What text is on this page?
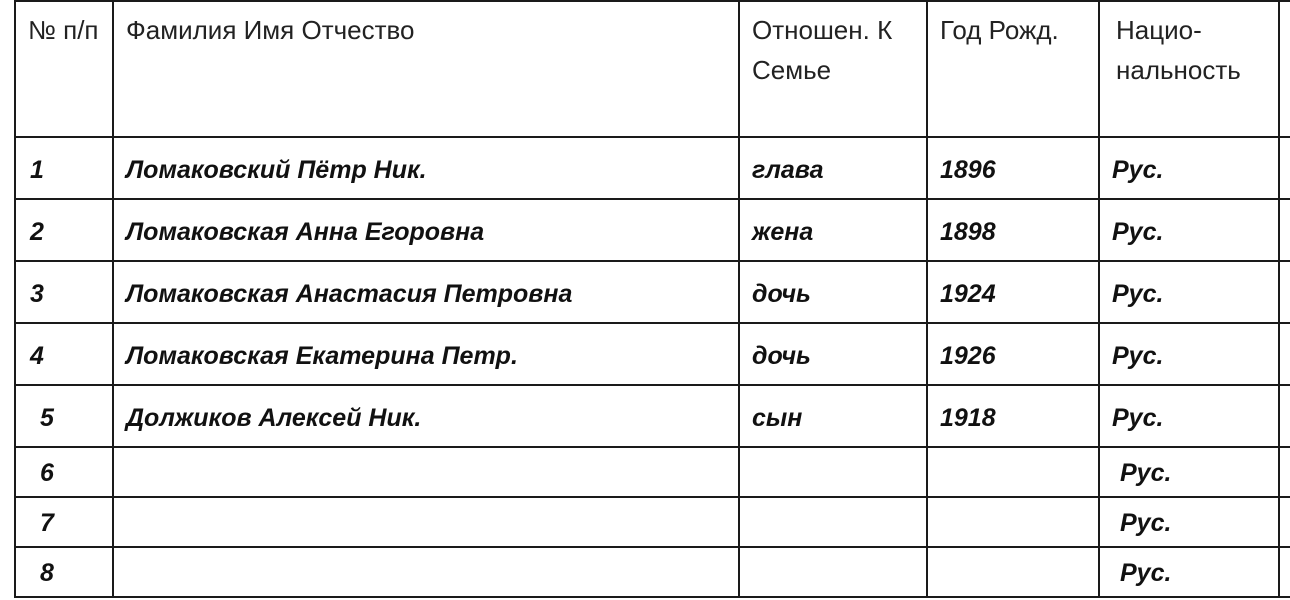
№ п/п	Фамилия Имя Отчество	Отношен. К Семье	Год Рожд.	Нацио- нальность	
1	Ломаковский Пётр Ник.	глава	1896	Рус.	
2	Ломаковская Анна Егоровна	жена	1898	Рус.	
3	Ломаковская Анастасия Петровна	дочь	1924	Рус.	
4	Ломаковская Екатерина Петр.	дочь	1926	Рус.	
5	Должиков Алексей Ник.	сын	1918	Рус.	
6				Рус.	
7				Рус.	
8				Рус.	
